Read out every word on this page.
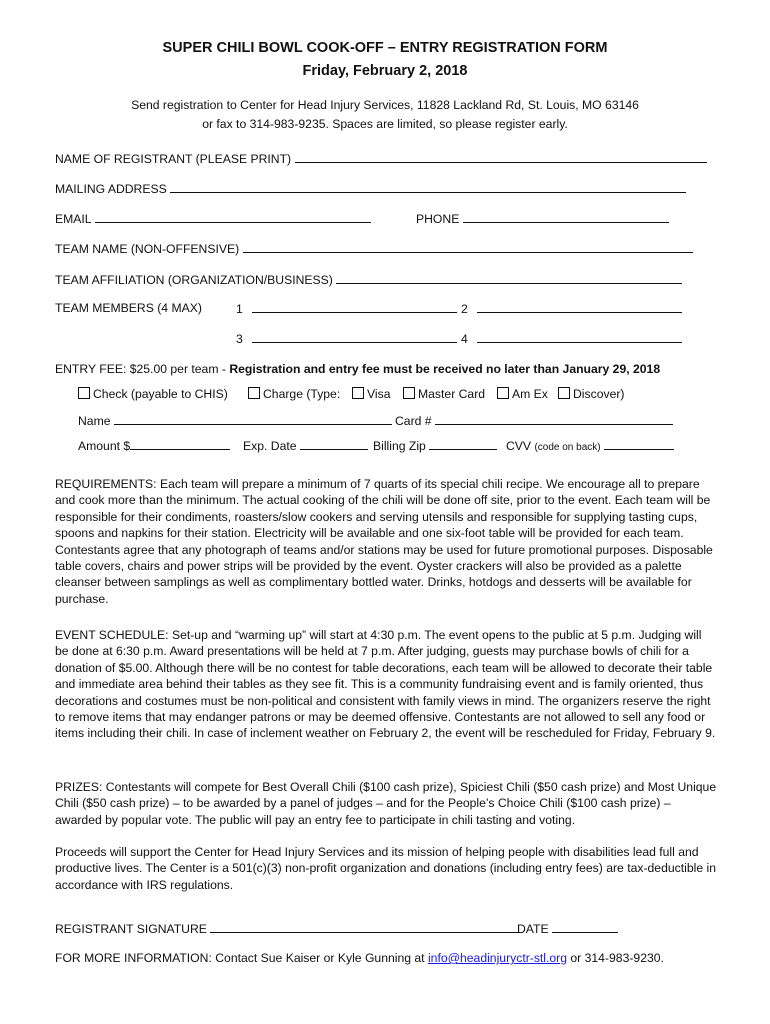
SUPER CHILI BOWL COOK-OFF – ENTRY REGISTRATION FORM
Friday, February 2, 2018
Send registration to Center for Head Injury Services, 11828 Lackland Rd, St. Louis, MO 63146
or fax to 314-983-9235. Spaces are limited, so please register early.
NAME OF REGISTRANT (PLEASE PRINT)
MAILING ADDRESS
EMAIL	PHONE
TEAM NAME (NON-OFFENSIVE)
TEAM AFFILIATION (ORGANIZATION/BUSINESS)
TEAM MEMBERS (4 MAX)	1	2
3	4
ENTRY FEE: $25.00 per team - Registration and entry fee must be received no later than January 29, 2018
Check (payable to CHIS)	Charge (Type:	Visa	Master Card	Am Ex	Discover)
Name	Card #
Amount $	Exp. Date	Billing Zip	CVV (code on back)

REQUIREMENTS: Each team will prepare a minimum of 7 quarts of its special chili recipe. We encourage all to prepare and cook more than the minimum. The actual cooking of the chili will be done off site, prior to the event. Each team will be responsible for their condiments, roasters/slow cookers and serving utensils and responsible for supplying tasting cups, spoons and napkins for their station. Electricity will be available and one six-foot table will be provided for each team. Contestants agree that any photograph of teams and/or stations may be used for future promotional purposes. Disposable table covers, chairs and power strips will be provided by the event. Oyster crackers will also be provided as a palette cleanser between samplings as well as complimentary bottled water. Drinks, hotdogs and desserts will be available for purchase.

EVENT SCHEDULE: Set-up and “warming up” will start at 4:30 p.m. The event opens to the public at 5 p.m. Judging will be done at 6:30 p.m. Award presentations will be held at 7 p.m. After judging, guests may purchase bowls of chili for a donation of $5.00. Although there will be no contest for table decorations, each team will be allowed to decorate their table and immediate area behind their tables as they see fit. This is a community fundraising event and is family oriented, thus decorations and costumes must be non-political and consistent with family views in mind. The organizers reserve the right to remove items that may endanger patrons or may be deemed offensive. Contestants are not allowed to sell any food or items including their chili. In case of inclement weather on February 2, the event will be rescheduled for Friday, February 9.

PRIZES: Contestants will compete for Best Overall Chili ($100 cash prize), Spiciest Chili ($50 cash prize) and Most Unique Chili ($50 cash prize) – to be awarded by a panel of judges – and for the People’s Choice Chili ($100 cash prize) – awarded by popular vote. The public will pay an entry fee to participate in chili tasting and voting.

Proceeds will support the Center for Head Injury Services and its mission of helping people with disabilities lead full and productive lives. The Center is a 501(c)(3) non-profit organization and donations (including entry fees) are tax-deductible in accordance with IRS regulations.

REGISTRANT SIGNATURE	DATE
FOR MORE INFORMATION: Contact Sue Kaiser or Kyle Gunning at info@headinjuryctr-stl.org or 314-983-9230.
